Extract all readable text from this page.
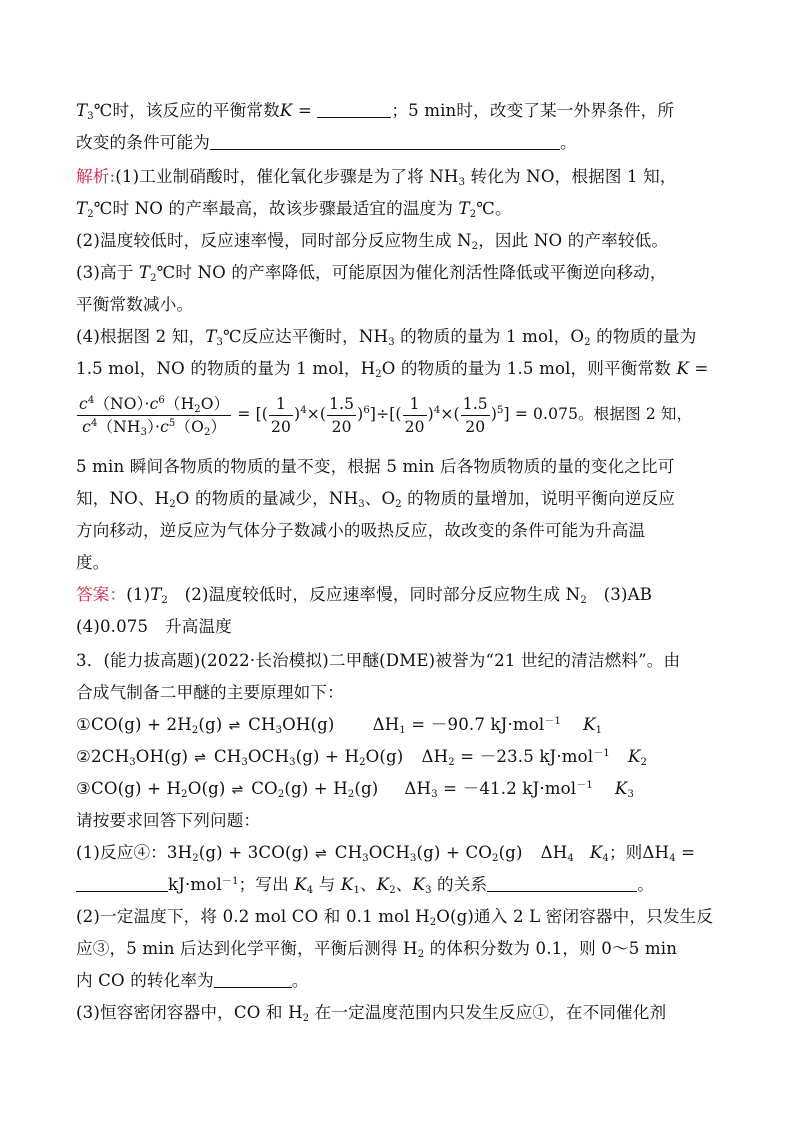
$T_3℃$时，该反应的平衡常数K =	；5 min时，改变了某一外界条件，所
改变的条件可能为	。
解析:(1)工业制硝酸时，催化氧化步骤是为了将 $NH_3$ 转化为 NO，根据图 1 知，
$T_2℃$时 NO 的产率最高，故该步骤最适宜的温度为 $T_2℃$。
(2)温度较低时，反应速率慢，同时部分反应物生成 $N_2$，因此 NO 的产率较低。
(3)高于 $T_2℃$时 NO 的产率降低，可能原因为催化剂活性降低或平衡逆向移动，
平衡常数减小。
(4)根据图 2 知，$T_3℃$反应达平衡时，$NH_3$ 的物质的量为 1 mol，$O_2$ 的物质的量为
1.5 mol，NO 的物质的量为 1 mol，$H_2O$ 的物质的量为 1.5 mol，则平衡常数 K =
$\frac{c^4(NO)\cdot c^6(H_2O)}{c^4(NH_3)\cdot c^5(O_2)}$ = [( $\frac{1}{20} )^4\times( \frac{1.5}{20} )^6]\div[( \frac{1}{20} )^4\times( \frac{1.5}{20} )^5] = 0.075$。根据图 2 知，
5 min 瞬间各物质的物质的量不变，根据 5 min 后各物质物质的量的变化之比可
知，NO、$H_2O$ 的物质的量减少，$NH_3$、$O_2$ 的物质的量增加，说明平衡向逆反应
方向移动，逆反应为气体分子数减小的吸热反应，故改变的条件可能为升高温
度。
答案：$(1)T_2$　(2)温度较低时，反应速率慢，同时部分反应物生成 $N_2$　(3)AB
(4)0.075　升高温度
3．(能力拔高题)(2022·长治模拟)二甲醚(DME)被誉为“21 世纪的清洁燃料”。由
合成气制备二甲醚的主要原理如下：
①CO(g) + $2H_2(g)$ ⇌ $CH_3OH(g) \Delta H_1 = -90.7$ kJ·mol$^{-1}$ $K_1$
$②2CH_3OH(g)$ ⇌ $CH_3OCH_3(g) + H_2O(g) \Delta H_2 = -23.5$ kJ·mol$^{-1}$ $K_2$
③CO(g) + $H_2O(g)$ ⇌ $CO_2(g) + H_2(g) \Delta H_3 = -41.2$ kJ·mol$^{-1}$ $K_3$
请按要求回答下列问题：
(1)反应④：$3H_2(g) + 3CO(g)$ ⇌ $CH_3OCH_3(g) + CO_2(g)$ $\Delta H_4$ $K_4$；则$\Delta H_4$ =
kJ·mol$^{-1}$；写出 $K_4$ 与 $K_1$、$K_2$、$K_3$ 的关系	。
(2)一定温度下，将 0.2 mol CO 和 0.1 mol $H_2O(g)$通入 2 L 密闭容器中，只发生反
应③，5 min 后达到化学平衡，平衡后测得 $H_2$ 的体积分数为 0.1，则 0～5 min
内 CO 的转化率为	。
(3)恒容密闭容器中，CO 和 $H_2$ 在一定温度范围内只发生反应①，在不同催化剂
